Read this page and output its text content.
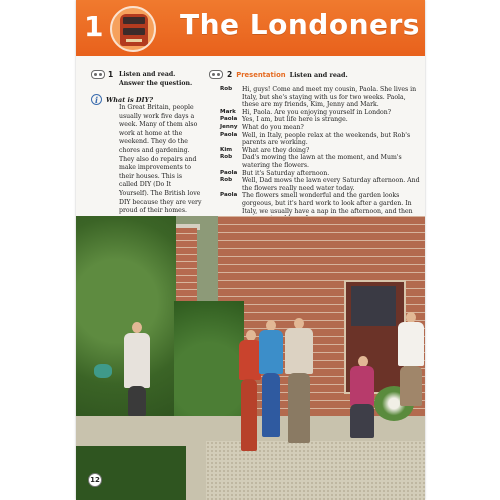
1	The Londoners
1 Listen and read.
Answer the question.
i	What is DIY?
In Great Britain, people usually work five days a week. Many of them also work at home at the weekend. They do the chores and gardening. They also do repairs and make improvements to their houses. This is called DIY (Do It Yourself). The British love DIY because they are very proud of their homes.
2 Presentation Listen and read.
Rob	Hi, guys! Come and meet my cousin, Paola. She lives in Italy, but she's staying with us for two weeks. Paola, these are my friends, Kim, Jenny and Mark.
Mark Hi, Paola. Are you enjoying yourself in London?
Paola Yes, I am, but life here is strange.
Jenny What do you mean?
Paola Well, in Italy, people relax at the weekends, but Rob's parents are working.
Kim	What are they doing?
Rob	Dad's mowing the lawn at the moment, and Mum's watering the flowers.
Paola But it's Saturday afternoon.
Rob	Well, Dad mows the lawn every Saturday afternoon. And the flowers really need water today.
Paola The flowers smell wonderful and the garden looks gorgeous, but it's hard work to look after a garden. In Italy, we usually have a nap in the afternoon, and then
12
